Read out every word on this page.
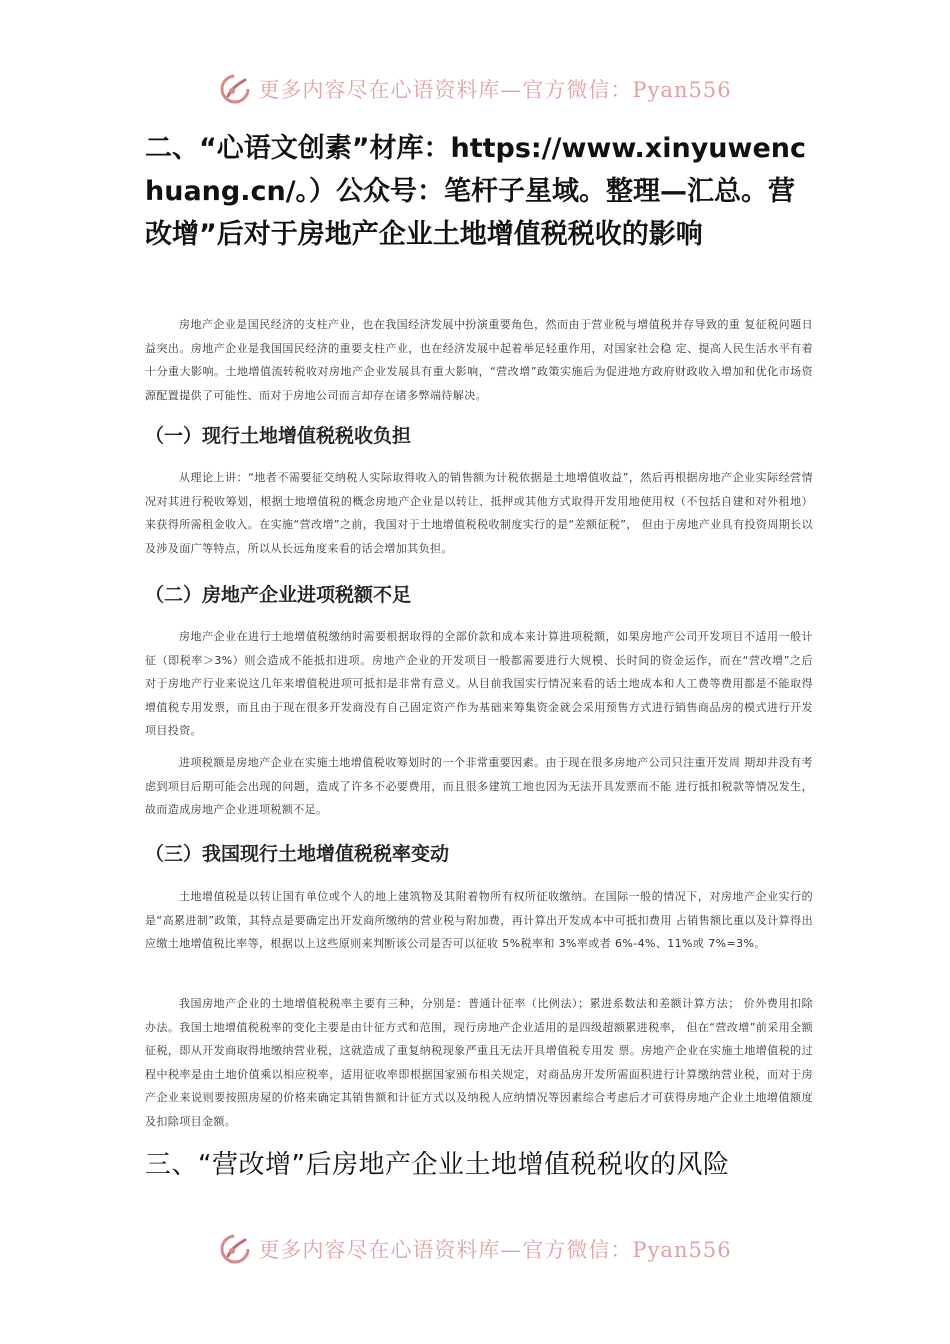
更多内容尽在心语资料库—官方微信：Pyan556
二、“心语文创素”材库：https://www.xinyuwenchuang.cn/。）公众号：笔杆子星域。整理—汇总。营改增”后对于房地产企业土地增值税税收的影响

房地产企业是国民经济的支柱产业，也在我国经济发展中扮演重要角色，然而由于营业税与增值税并存导致的重 复征税问题日益突出。房地产企业是我国国民经济的重要支柱产业，也在经济发展中起着举足轻重作用，对国家社会稳 定、提高人民生活水平有着十分重大影响。土地增值流转税收对房地产企业发展具有重大影响，“营改增”政策实施后为促进地方政府财政收入增加和优化市场资源配置提供了可能性、而对于房地公司而言却存在诸多弊端待解决。

（一）现行土地增值税税收负担

从理论上讲：“地者不需要征交纳税人实际取得收入的销售额为计税依据是土地增值收益”，然后再根据房地产企业实际经营情况对其进行税收筹划，根据土地增值税的概念房地产企业是以转让、抵押或其他方式取得开发用地使用权（不包括自建和对外租地）来获得所需租金收入。在实施“营改增”之前，我国对于土地增值税税收制度实行的是“差额征税”， 但由于房地产业具有投资周期长以及涉及面广等特点，所以从长远角度来看的话会增加其负担。

（二）房地产企业进项税额不足

房地产企业在进行土地增值税缴纳时需要根据取得的全部价款和成本来计算进项税额，如果房地产公司开发项目不适用一般计征（即税率＞3%）则会造成不能抵扣进项。房地产企业的开发项目一般都需要进行大规模、长时间的资金运作，而在“营改增”之后对于房地产行业来说这几年来增值税进项可抵扣是非常有意义。从目前我国实行情况来看的话土地成本和人工费等费用都是不能取得增值税专用发票，而且由于现在很多开发商没有自己固定资产作为基础来筹集资金就会采用预售方式进行销售商品房的模式进行开发项目投资。

进项税额是房地产企业在实施土地增值税收筹划时的一个非常重要因素。由于现在很多房地产公司只注重开发周 期却并没有考虑到项目后期可能会出现的问题，造成了许多不必要费用，而且很多建筑工地也因为无法开具发票而不能 进行抵扣税款等情况发生，故而造成房地产企业进项税额不足。

（三）我国现行土地增值税税率变动

土地增值税是以转让国有单位或个人的地上建筑物及其附着物所有权所征收缴纳。在国际一般的情况下，对房地产企业实行的是“高累进制”政策，其特点是要确定出开发商所缴纳的营业税与附加费，再计算出开发成本中可抵扣费用 占销售额比重以及计算得出应缴土地增值税比率等，根据以上这些原则来判断该公司是否可以征收 5%税率和 3%率或者 6%-4%、11%或 7%=3%。

我国房地产企业的土地增值税税率主要有三种，分别是：普通计征率（比例法）；累进系数法和差额计算方法； 价外费用扣除办法。我国土地增值税税率的变化主要是由计征方式和范围，现行房地产企业适用的是四级超额累进税率， 但在“营改增”前采用全额征税，即从开发商取得地缴纳营业税，这就造成了重复纳税现象严重且无法开具增值税专用发 票。房地产企业在实施土地增值税的过程中税率是由土地价值乘以相应税率，适用征收率即根据国家颁布相关规定，对商品房开发所需面积进行计算缴纳营业税，而对于房产企业来说则要按照房屋的价格来确定其销售额和计征方式以及纳税人应纳情况等因素综合考虑后才可获得房地产企业土地增值额度及扣除项目金额。

三、“营改增”后房地产企业土地增值税税收的风险
更多内容尽在心语资料库—官方微信：Pyan556
